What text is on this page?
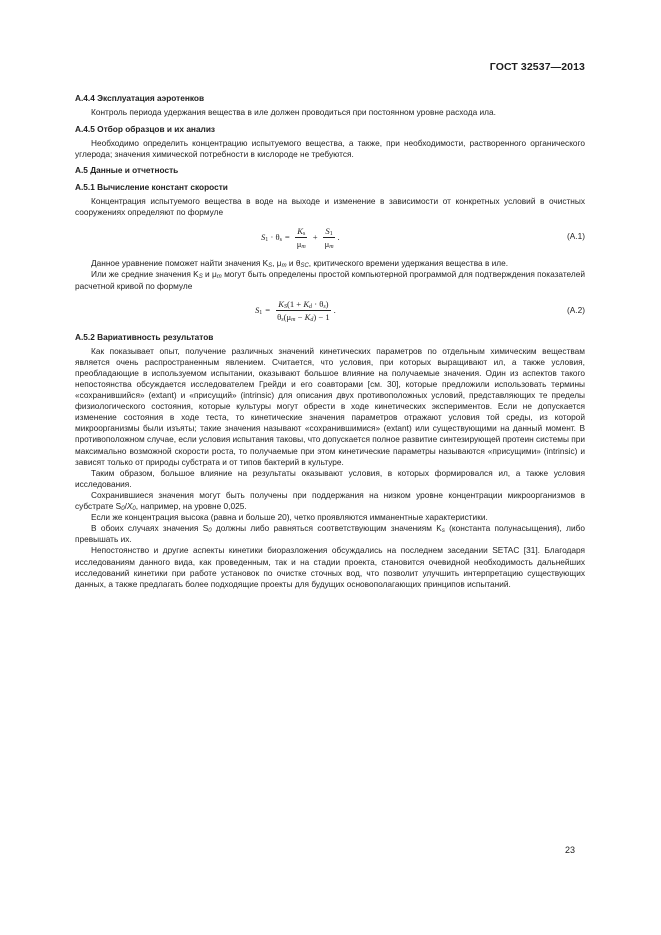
ГОСТ 32537—2013
А.4.4 Эксплуатация аэротенков

Контроль периода удержания вещества в иле должен проводиться при постоянном уровне расхода ила.

А.4.5 Отбор образцов и их анализ

Необходимо определить концентрацию испытуемого вещества, а также, при необходимости, растворенного органического углерода; значения химической потребности в кислороде не требуются.

А.5 Данные и отчетность
А.5.1 Вычисление констант скорости

Концентрация испытуемого вещества в воде на выходе и изменение в зависимости от конкретных условий в очистных сооружениях определяют по формуле

$S_1 \cdot \theta_s = \frac{K_s}{\mu_m} + \frac{S_1}{\mu_m}$ .	(А.1)

Данное уравнение поможет найти значения $K_S$, $\mu_m$ и $\theta_{SC}$, критического времени удержания вещества в иле.

Или же средние значения $K_S$ и $\mu_m$ могут быть определены простой компьютерной программой для подтверждения показателей расчетной кривой по формуле

$S_1 = \frac{K_S(1 + K_d \cdot \theta_s)}{\theta_s(\mu_m - K_d) - 1}$ .	(А.2)
А.5.2 Вариативность результатов

Как показывает опыт, получение различных значений кинетических параметров по отдельным химическим веществам является очень распространенным явлением. Считается, что условия, при которых выращивают ил, а также условия, преобладающие в используемом испытании, оказывают большое влияние на получаемые значения. Один из аспектов такого непостоянства обсуждается исследователем Грейди и его соавторами [см. 30], которые предложили использовать термины «сохранившийся» (extant) и «присущий» (intrinsic) для описания двух противоположных условий, представляющих те пределы физиологического состояния, которые культуры могут обрести в ходе кинетических экспериментов. Если не допускается изменение состояния в ходе теста, то кинетические значения параметров отражают условия той среды, из которой микроорганизмы были изъяты; такие значения называют «сохранившимися» (extant) или существующими на данный момент. В противоположном случае, если условия испытания таковы, что допускается полное развитие синтезирующей протеин системы при максимально возможной скорости роста, то получаемые при этом кинетические параметры называются «присущими» (intrinsic) и зависят только от природы субстрата и от типов бактерий в культуре.

Таким образом, большое влияние на результаты оказывают условия, в которых формировался ил, а также условия исследования.

Сохранившиеся значения могут быть получены при поддержания на низком уровне концентрации микроорганизмов в субстрате $S_0/X_0$, например, на уровне 0,025.

Если же концентрация высока (равна и больше 20), четко проявляются имманентные характеристики.

В обоих случаях значения $S_0$ должны либо равняться соответствующим значениям $K_s$ (константа полунасыщения), либо превышать их.

Непостоянство и другие аспекты кинетики биоразложения обсуждались на последнем заседании SETAC [31]. Благодаря исследованиям данного вида, как проведенным, так и на стадии проекта, становится очевидной необходимость дальнейших исследований кинетики при работе установок по очистке сточных вод, что позволит улучшить интерпретацию существующих данных, а также предлагать более подходящие проекты для будущих основополагающих принципов испытаний.

23
